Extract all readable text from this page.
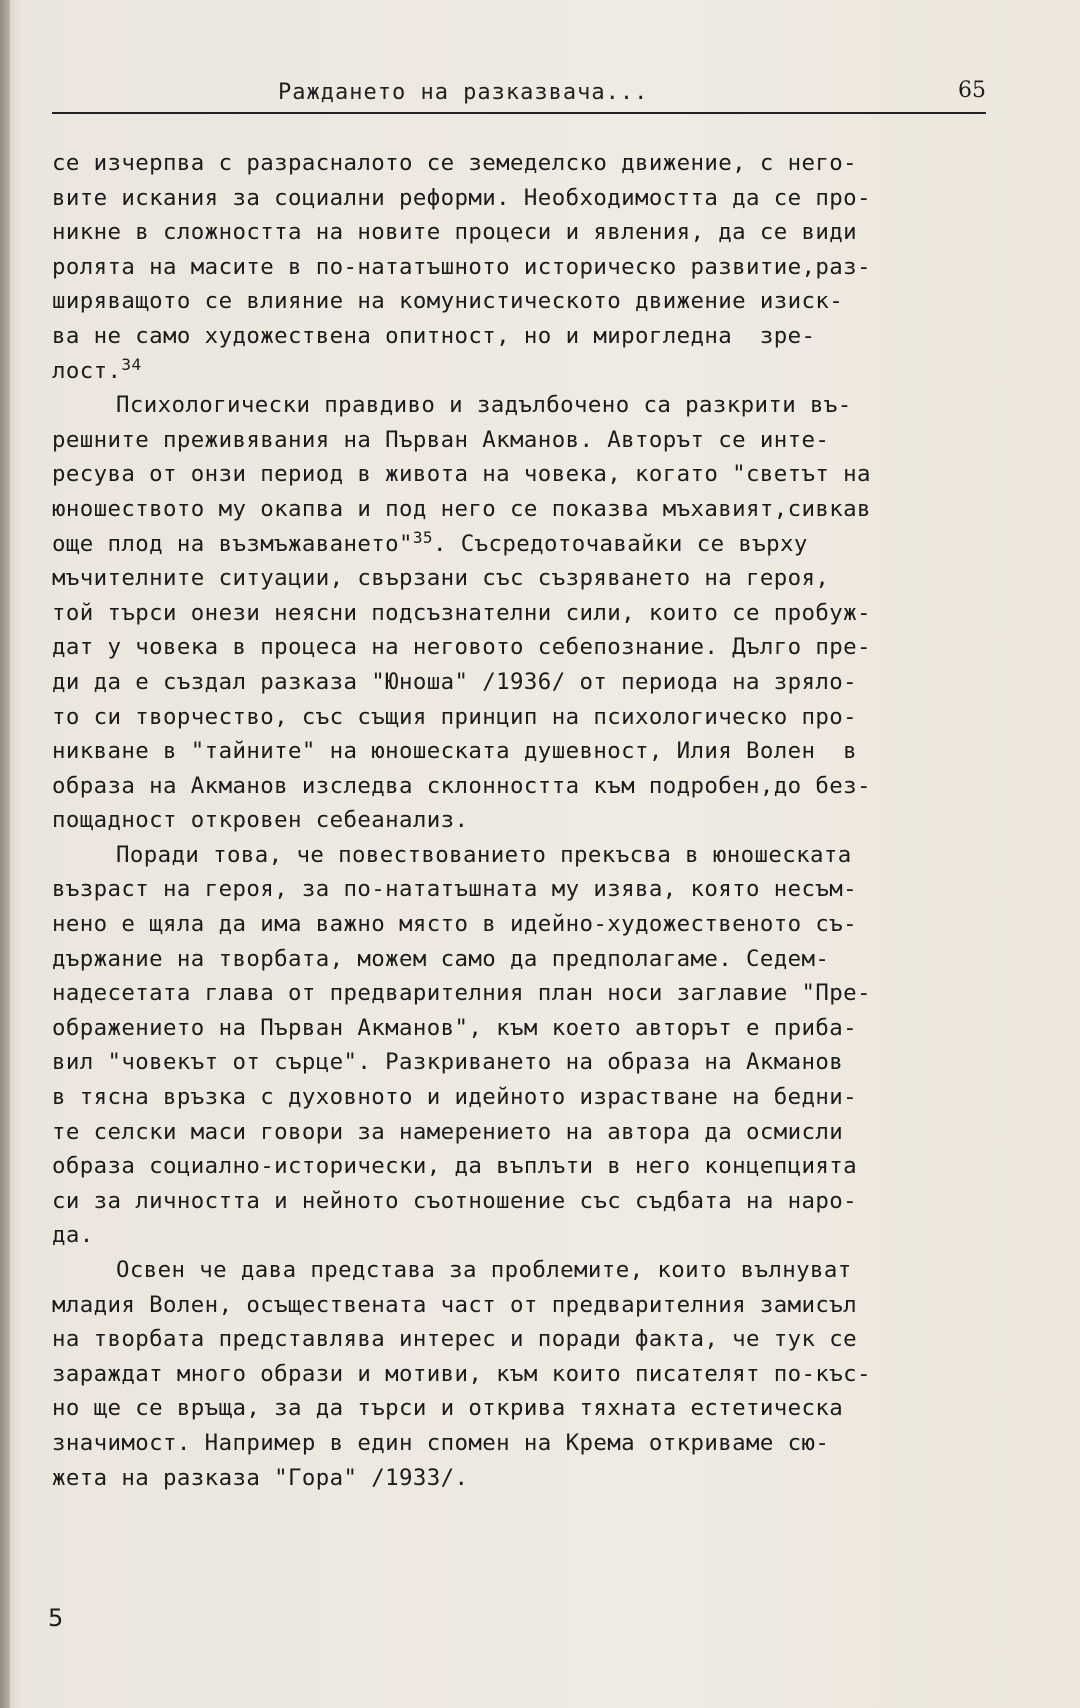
Раждането на разказвача...	65

се изчерпва с разрасналото се земеделско движение, с него-
вите искания за социални реформи. Необходимостта да се про-
никне в сложността на новите процеси и явления, да се види
ролята на масите в по-нататъшното историческо развитие,раз-
ширяващото се влияние на комунистическото движение изиск-
ва не само художествена опитност, но и мироглeдна  зре-
лост.$^{34}$

Психологически правдиво и задълбочено са разкрити въ-
решните преживявания на Първан Акманов. Авторът се инте-
ресува от онзи период в живота на човека, когато "светът на
юношеството му окапва и под него се показва мъхавият,сивкав
още плод на възмъжаването"$^{35}$. Съсредоточавайки се върху
мъчителните ситуации, свързани със съзряването на героя,
той търси онези неясни подсъзнателни сили, които се пробуж-
дат у човека в процеса на неговото себепознание. Дълго пре-
ди да е създал разказа "Юноша" /1936/ от периода на зряло-
то си творчество, със същия принцип на психологическо про-
никване в "тайните" на юношеската душевност, Илия Волен  в
образа на Акманов изследва склонността към подробен,до без-
пощадност откровен себеанализ.

Поради това, че повествованието прекъсва в юношеската
възраст на героя, за по-нататъшната му изява, която несъм-
нено е щяла да има важно място в идейно-художественото съ-
държание на творбата, можем само да предполагаме. Седем-
надесетата глава от предварителния план носи заглавие "Пре-
ображението на Първан Акманов", към което авторът е приба-
вил "човекът от сърце". Разкриването на образа на Акманов
в тясна връзка с духовното и идейното израстване на бедни-
те селски маси говори за намерението на автора да осмисли
образа социално-исторически, да въплъти в него концепцията
си за личността и нейното съотношение със съдбата на наро-
да.

Освен че дава представа за проблемите, които вълнуват
младия Волен, осъществената част от предварителния замисъл
на творбата представлява интерес и поради факта, че тук се
зараждат много образи и мотиви, към които писателят по-къс-
но ще се връща, за да търси и открива тяхната естетическа
значимост. Например в един спомен на Крема откриваме сю-
жета на разказа "Гора" /1933/.

5
